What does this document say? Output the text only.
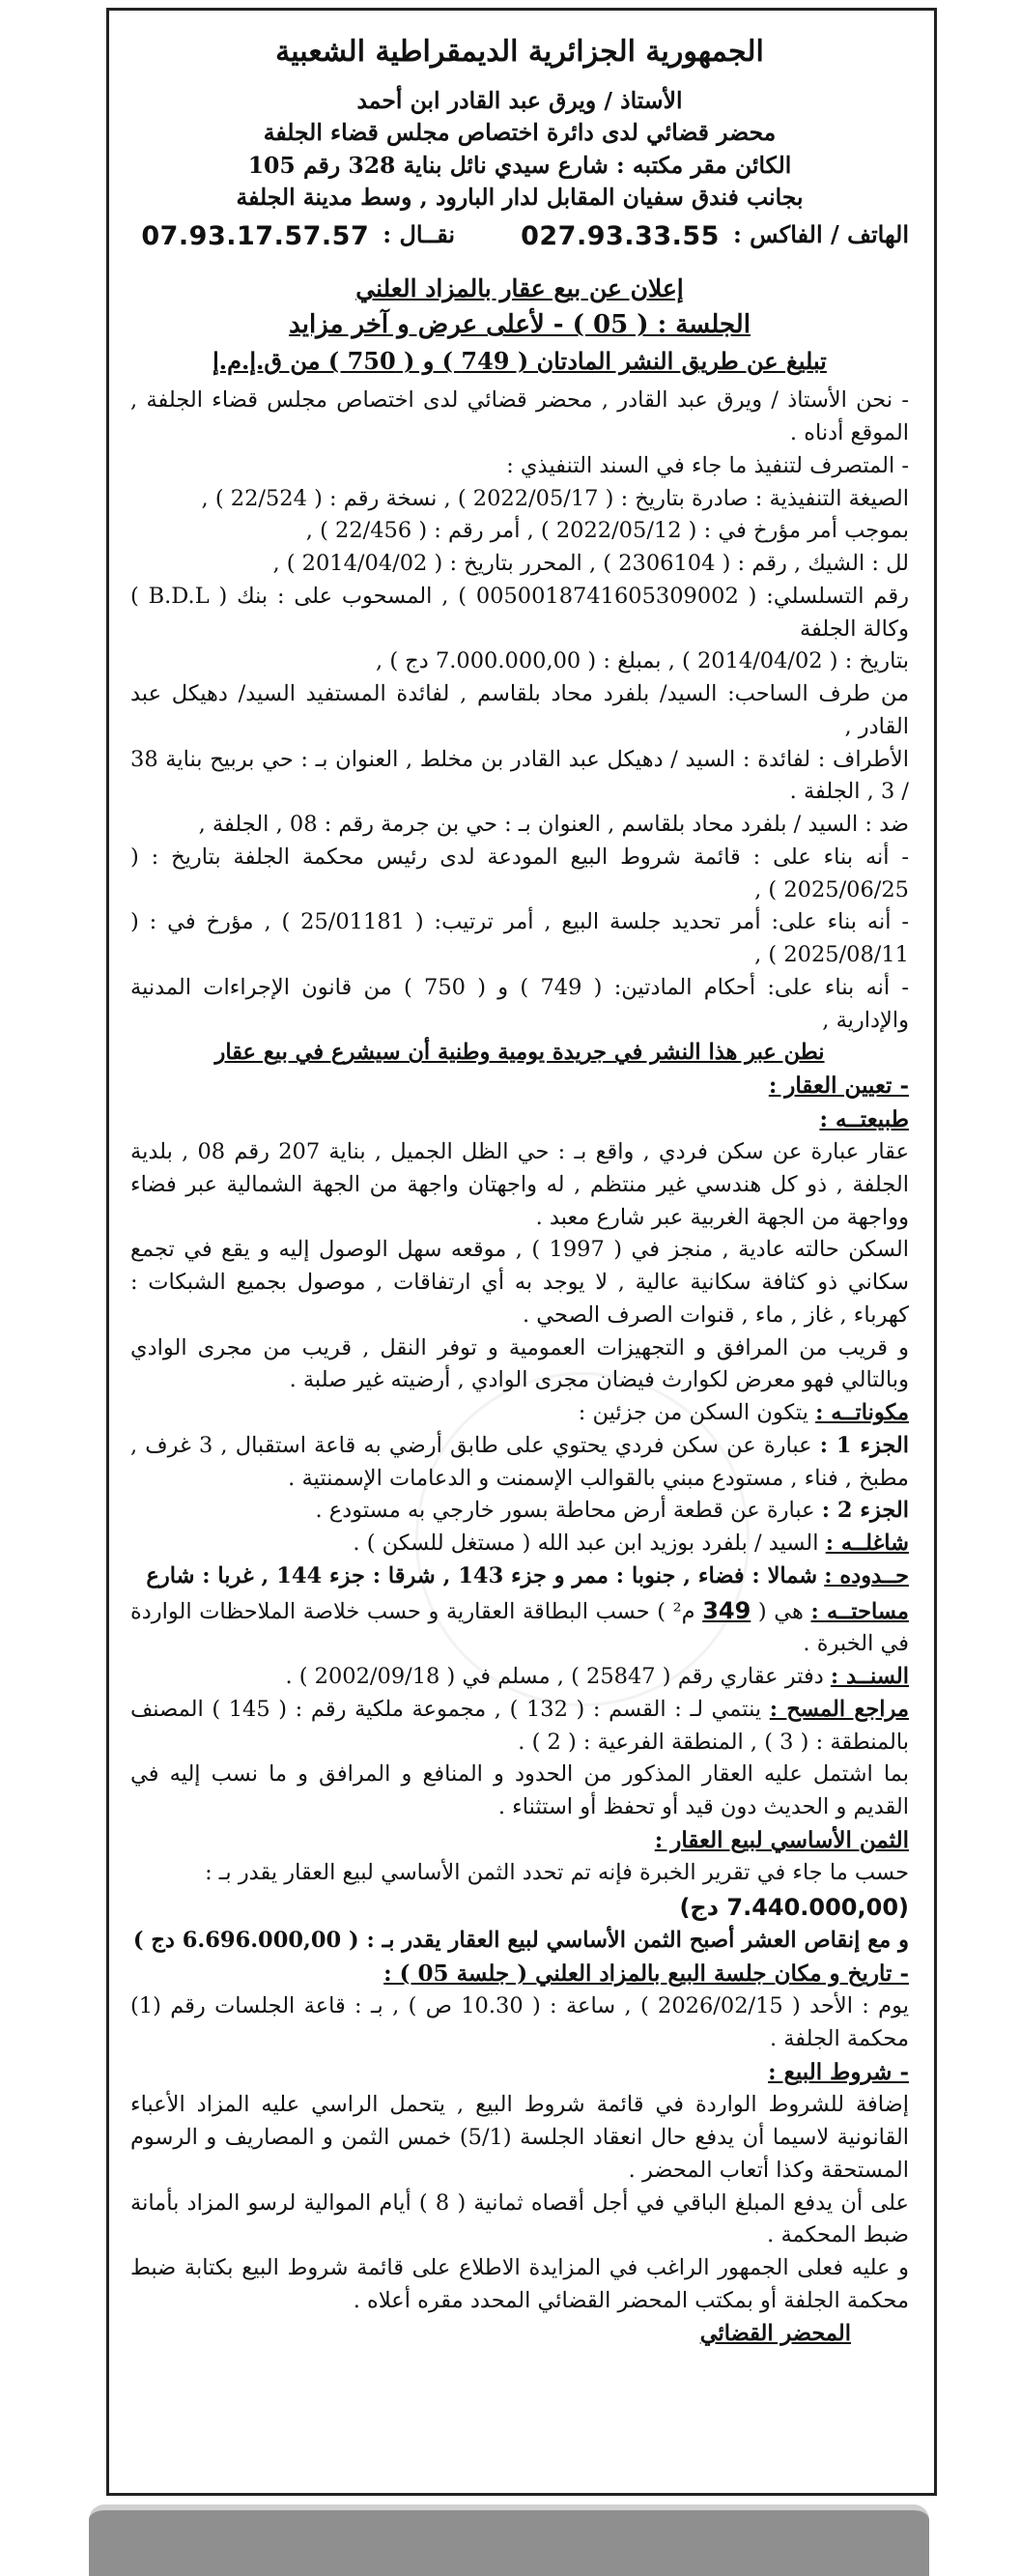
الجمهورية الجزائرية الديمقراطية الشعبية
الأستاذ / ويرق عبد القادر ابن أحمد
محضر قضائي لدى دائرة اختصاص مجلس قضاء الجلفة
الكائن مقر مكتبه : شارع سيدي نائل بناية 328 رقم 105
بجانب فندق سفيان المقابل لدار البارود , وسط مدينة الجلفة
الهاتف / الفاكس :
027.93.33.55
نقــال :
07.93.17.57.57
إعلان عن بيع عقار بالمزاد العلني
الجلسة : ( 05 ) - لأعلى عرض و آخر مزايد
تبليغ عن طريق النشر المادتان ( 749 ) و ( 750 ) من ق.إ.م.إ

- نحن الأستاذ / ويرق عبد القادر , محضر قضائي لدى اختصاص مجلس قضاء الجلفة , الموقع أدناه .

- المتصرف لتنفيذ ما جاء في السند التنفيذي :

الصيغة التنفيذية : صادرة بتاريخ : ( 2022/05/17 ) , نسخة رقم : ( 22/524 ) ,

بموجب أمر مؤرخ في : ( 2022/05/12 ) , أمر رقم : ( 22/456 ) ,

لل : الشيك , رقم : ( 2306104 ) , المحرر بتاريخ : ( 2014/04/02 ) ,

رقم التسلسلي: ( 0050018741605309002 ) , المسحوب على : بنك ( B.D.L ) وكالة الجلفة

بتاريخ : ( 2014/04/02 ) , بمبلغ : ( 7.000.000,00 دج ) ,

من طرف الساحب: السيد/ بلفرد محاد بلقاسم , لفائدة المستفيد السيد/ دهيكل عبد القادر ,

الأطراف : لفائدة : السيد / دهيكل عبد القادر بن مخلط , العنوان بـ : حي بربيح بناية 38 / 3 , الجلفة .

ضد : السيد / بلفرد محاد بلقاسم , العنوان بـ : حي بن جرمة رقم : 08 , الجلفة ,

- أنه بناء على : قائمة شروط البيع المودعة لدى رئيس محكمة الجلفة بتاريخ : ( 2025/06/25 ) ,

- أنه بناء على: أمر تحديد جلسة البيع , أمر ترتيب: ( 25/01181 ) , مؤرخ في : ( 2025/08/11 ) ,

- أنه بناء على: أحكام المادتين: ( 749 ) و ( 750 ) من قانون الإجراءات المدنية والإدارية ,

نطن عبر هذا النشر في جريدة يومية وطنية أن سيشرع في بيع عقار

- تعيين العقار :

طبيعتــه :

عقار عبارة عن سكن فردي , واقع بـ : حي الظل الجميل , بناية 207 رقم 08 , بلدية الجلفة , ذو كل هندسي غير منتظم , له واجهتان واجهة من الجهة الشمالية عبر فضاء وواجهة من الجهة الغربية عبر شارع معبد .

السكن حالته عادية , منجز في ( 1997 ) , موقعه سهل الوصول إليه و يقع في تجمع سكاني ذو كثافة سكانية عالية , لا يوجد به أي ارتفاقات , موصول بجميع الشبكات : كهرباء , غاز , ماء , قنوات الصرف الصحي .

و قريب من المرافق و التجهيزات العمومية و توفر النقل , قريب من مجرى الوادي وبالتالي فهو معرض لكوارث فيضان مجرى الوادي , أرضيته غير صلبة .

مكوناتــه : يتكون السكن من جزئين :

الجزء 1 : عبارة عن سكن فردي يحتوي على طابق أرضي به قاعة استقبال , 3 غرف , مطبخ , فناء , مستودع مبني بالقوالب الإسمنت و الدعامات الإسمنتية .

الجزء 2 : عبارة عن قطعة أرض محاطة بسور خارجي به مستودع .

شاغلــه : السيد / بلفرد بوزيد ابن عبد الله ( مستغل للسكن ) .

حــدوده : شمالا : فضاء , جنوبا : ممر و جزء 143 , شرقا : جزء 144 , غربا : شارع

مساحتــه : هي ( 349 م² ) حسب البطاقة العقارية و حسب خلاصة الملاحظات الواردة في الخبرة .

السنــد : دفتر عقاري رقم ( 25847 ) , مسلم في ( 2002/09/18 ) .

مراجع المسح : ينتمي لـ : القسم : ( 132 ) , مجموعة ملكية رقم : ( 145 ) المصنف بالمنطقة : ( 3 ) , المنطقة الفرعية : ( 2 ) .

بما اشتمل عليه العقار المذكور من الحدود و المنافع و المرافق و ما نسب إليه في القديم و الحديث دون قيد أو تحفظ أو استثناء .

الثمن الأساسي لبيع العقار :

حسب ما جاء في تقرير الخبرة فإنه تم تحدد الثمن الأساسي لبيع العقار يقدر بـ :

(7.440.000,00 دج)

و مع إنقاص العشر أصبح الثمن الأساسي لبيع العقار يقدر بـ : ( 6.696.000,00 دج )

- تاريخ و مكان جلسة البيع بالمزاد العلني ( جلسة 05 ) :

يوم : الأحد ( 2026/02/15 ) , ساعة : ( 10.30 ص ) , بـ : قاعة الجلسات رقم (1) محكمة الجلفة .

- شروط البيع :

إضافة للشروط الواردة في قائمة شروط البيع , يتحمل الراسي عليه المزاد الأعباء القانونية لاسيما أن يدفع حال انعقاد الجلسة (5/1) خمس الثمن و المصاريف و الرسوم المستحقة وكذا أتعاب المحضر .

على أن يدفع المبلغ الباقي في أجل أقصاه ثمانية ( 8 ) أيام الموالية لرسو المزاد بأمانة ضبط المحكمة .

و عليه فعلى الجمهور الراغب في المزايدة الاطلاع على قائمة شروط البيع بكتابة ضبط محكمة الجلفة أو بمكتب المحضر القضائي المحدد مقره أعلاه .

المحضر القضائي
